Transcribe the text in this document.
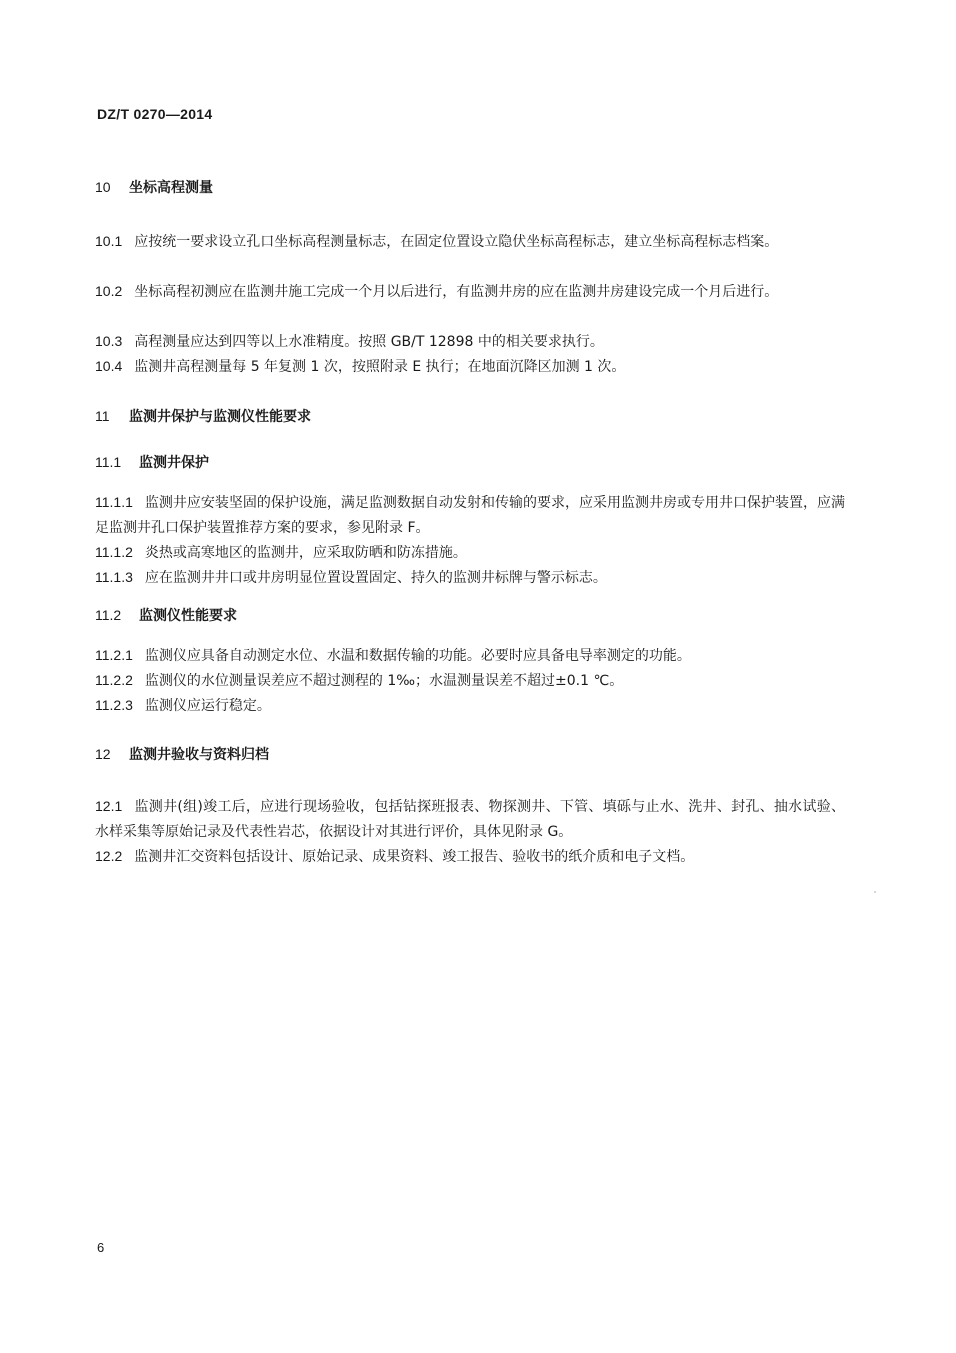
DZ/T 0270—2014
10 坐标高程测量
10.1 应按统一要求设立孔口坐标高程测量标志，在固定位置设立隐伏坐标高程标志，建立坐标高程标志档案。
10.2 坐标高程初测应在监测井施工完成一个月以后进行，有监测井房的应在监测井房建设完成一个月后进行。
10.3 高程测量应达到四等以上水准精度。按照 GB/T 12898 中的相关要求执行。
10.4 监测井高程测量每 5 年复测 1 次，按照附录 E 执行；在地面沉降区加测 1 次。
11 监测井保护与监测仪性能要求
11.1 监测井保护
11.1.1 监测井应安装坚固的保护设施，满足监测数据自动发射和传输的要求，应采用监测井房或专用井口保护装置，应满足监测井孔口保护装置推荐方案的要求，参见附录 F。
11.1.2 炎热或高寒地区的监测井，应采取防晒和防冻措施。
11.1.3 应在监测井井口或井房明显位置设置固定、持久的监测井标牌与警示标志。
11.2 监测仪性能要求
11.2.1 监测仪应具备自动测定水位、水温和数据传输的功能。必要时应具备电导率测定的功能。
11.2.2 监测仪的水位测量误差应不超过测程的 1‰；水温测量误差不超过±0.1 ℃。
11.2.3 监测仪应运行稳定。
12 监测井验收与资料归档
12.1 监测井(组)竣工后，应进行现场验收，包括钻探班报表、物探测井、下管、填砾与止水、洗井、封孔、抽水试验、水样采集等原始记录及代表性岩芯，依据设计对其进行评价，具体见附录 G。
12.2 监测井汇交资料包括设计、原始记录、成果资料、竣工报告、验收书的纸介质和电子文档。
6
